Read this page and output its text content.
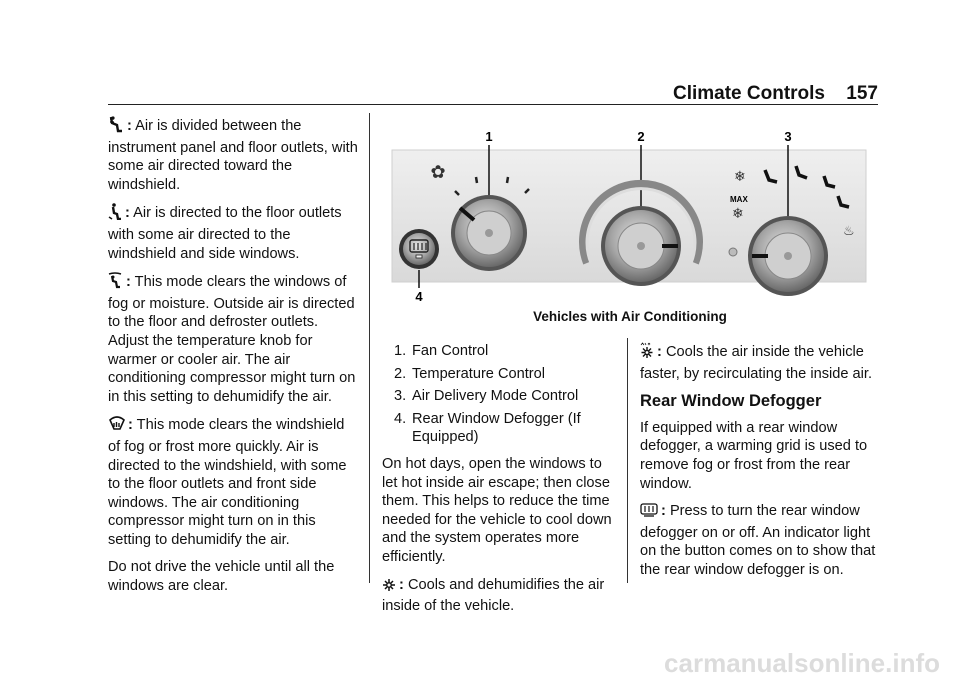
Climate Controls 157

: Air is divided between the instrument panel and floor outlets, with some air directed toward the windshield.

: Air is directed to the floor outlets with some air directed to the windshield and side windows.

: This mode clears the windows of fog or moisture. Outside air is directed to the floor and defroster outlets. Adjust the temperature knob for warmer or cooler air. The air conditioning compressor might turn on in this setting to dehumidify the air.

: This mode clears the windshield of fog or frost more quickly. Air is directed to the windshield, with some to the floor outlets and front side windows. The air conditioning compressor might turn on in this setting to dehumidify the air.

Do not drive the vehicle until all the windows are clear.

1	2	3
4
✿
MAX
❄
❄
♨
Vehicles with Air Conditioning
1. Fan Control
2. Temperature Control
3. Air Delivery Mode Control
4. Rear Window Defogger (If Equipped)

On hot days, open the windows to let hot inside air escape; then close them. This helps to reduce the time needed for the vehicle to cool down and the system operates more efficiently.

: Cools and dehumidifies the air inside of the vehicle.

: Cools the air inside the vehicle faster, by recirculating the inside air.

Rear Window Defogger

If equipped with a rear window defogger, a warming grid is used to remove fog or frost from the rear window.

: Press to turn the rear window defogger on or off. An indicator light on the button comes on to show that the rear window defogger is on.

carmanualsonline.info
